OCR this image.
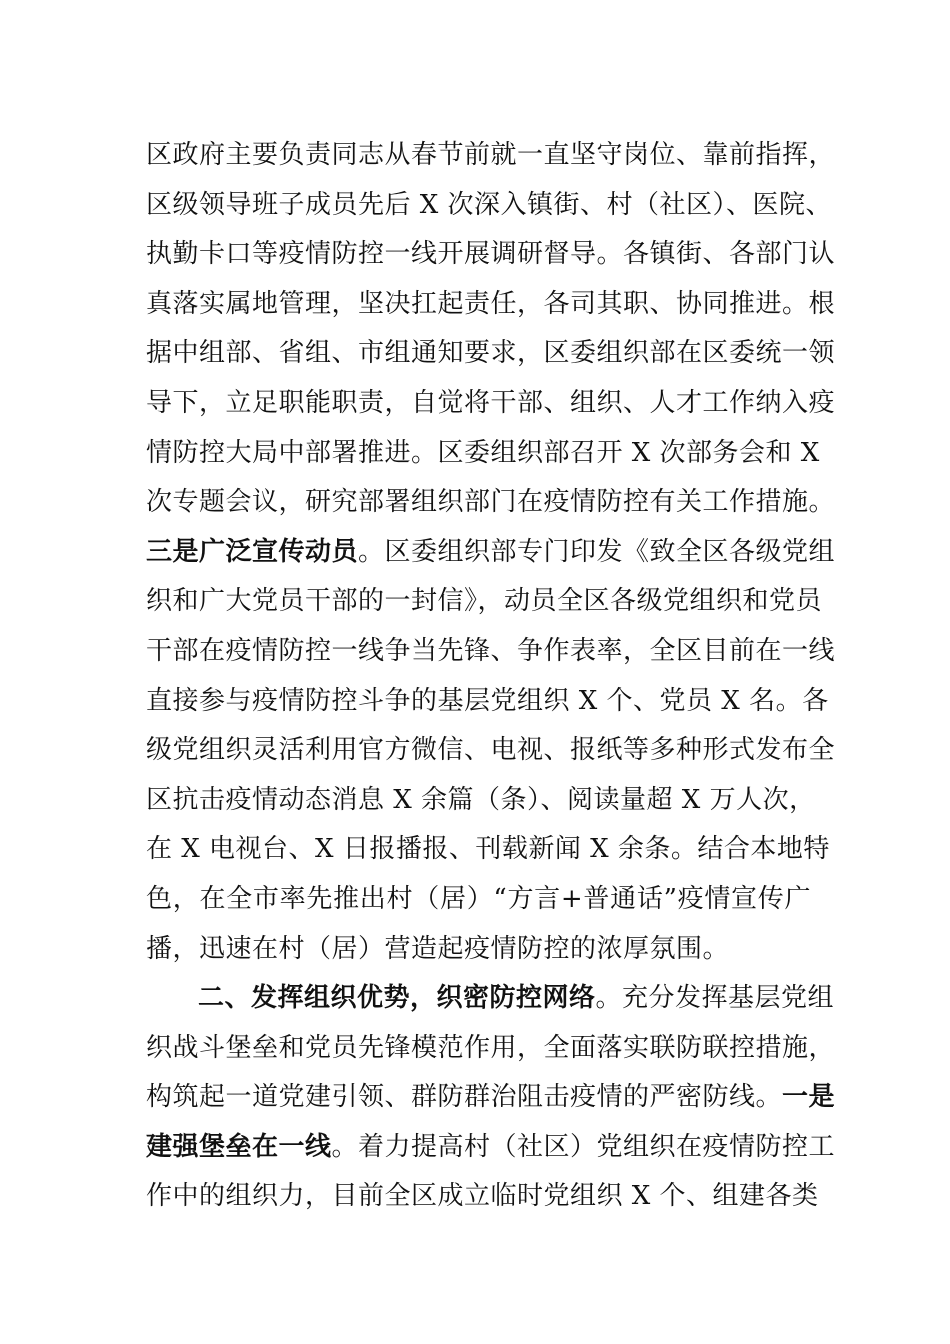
区政府主要负责同志从春节前就一直坚守岗位、靠前指挥，
区级领导班子成员先后 X 次深入镇街、村（社区）、医院、
执勤卡口等疫情防控一线开展调研督导。各镇街、各部门认
真落实属地管理，坚决扛起责任，各司其职、协同推进。根
据中组部、省组、市组通知要求，区委组织部在区委统一领
导下，立足职能职责，自觉将干部、组织、人才工作纳入疫
情防控大局中部署推进。区委组织部召开 X 次部务会和 X
次专题会议，研究部署组织部门在疫情防控有关工作措施。
三是广泛宣传动员。区委组织部专门印发《致全区各级党组
织和广大党员干部的一封信》，动员全区各级党组织和党员
干部在疫情防控一线争当先锋、争作表率，全区目前在一线
直接参与疫情防控斗争的基层党组织 X 个、党员 X 名。各
级党组织灵活利用官方微信、电视、报纸等多种形式发布全
区抗击疫情动态消息 X 余篇（条）、阅读量超 X 万人次，
在 X 电视台、X 日报播报、刊载新闻 X 余条。结合本地特
色，在全市率先推出村（居）“方言+普通话”疫情宣传广
播，迅速在村（居）营造起疫情防控的浓厚氛围。
二、发挥组织优势，织密防控网络。充分发挥基层党组
织战斗堡垒和党员先锋模范作用，全面落实联防联控措施，
构筑起一道党建引领、群防群治阻击疫情的严密防线。一是
建强堡垒在一线。着力提高村（社区）党组织在疫情防控工
作中的组织力，目前全区成立临时党组织 X 个、组建各类
